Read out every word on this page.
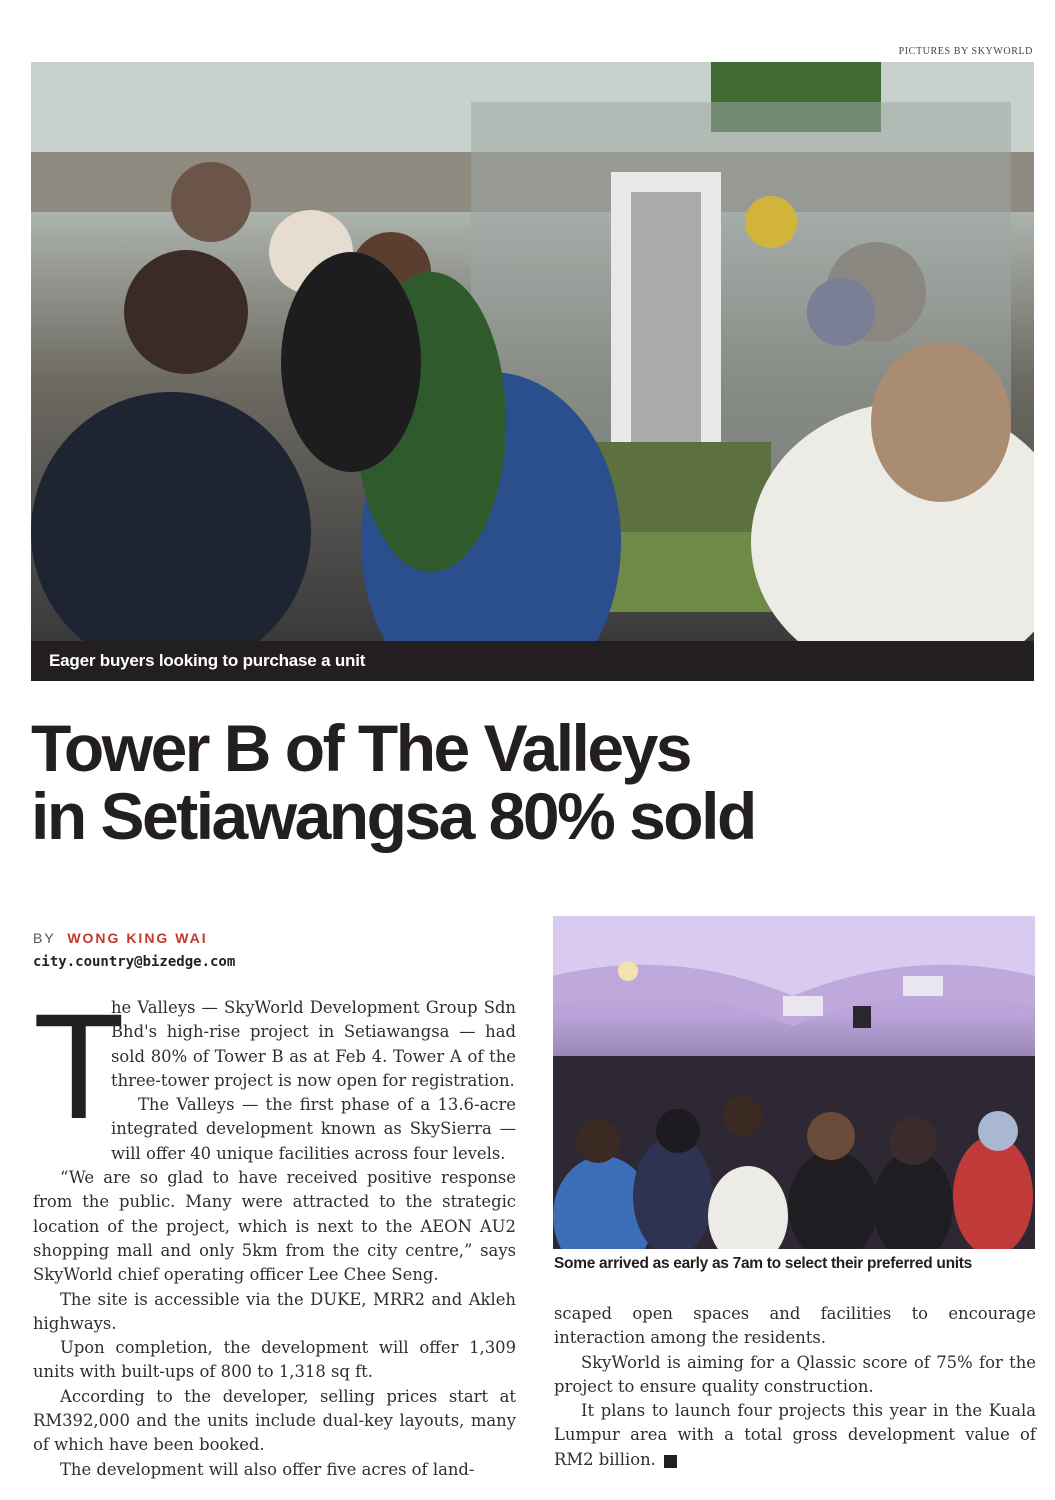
PICTURES BY SKYWORLD
Eager buyers looking to purchase a unit
Tower B of The Valleys
in Setiawangsa 80% sold
BY WONG KING WAI
city.country@bizedge.com
T

he Valleys — SkyWorld Development Group Sdn Bhd's high-rise project in Setiawangsa — had sold 80% of Tower B as at Feb 4. Tower A of the three-tower project is now open for registration.

The Valleys — the first phase of a 13.6-acre integrated development known as SkySierra — will offer 40 unique facilities across four levels.

“We are so glad to have received positive response from the public. Many were attracted to the strategic location of the project, which is next to the AEON AU2 shopping mall and only 5km from the city centre,” says SkyWorld chief operating officer Lee Chee Seng.

The site is accessible via the DUKE, MRR2 and Akleh highways.

Upon completion, the development will offer 1,309 units with built-ups of 800 to 1,318 sq ft.

According to the developer, selling prices start at RM392,000 and the units include dual-key layouts, many of which have been booked.

The development will also offer five acres of land-

Some arrived as early as 7am to select their preferred units

scaped open spaces and facilities to encourage interaction among the residents.

SkyWorld is aiming for a Qlassic score of 75% for the project to ensure quality construction.

It plans to launch four projects this year in the Kuala Lumpur area with a total gross development value of RM2 billion.	E
